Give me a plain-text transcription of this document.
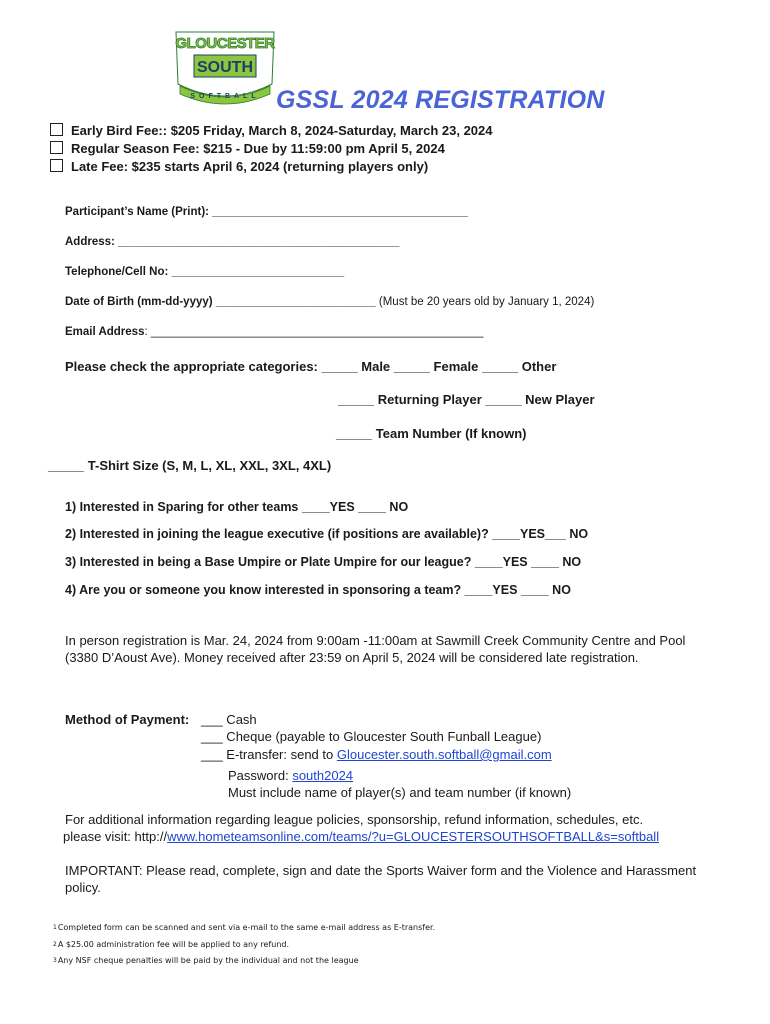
GLOUCESTER
SOUTH
SOFTBALL GSSL 2024 REGISTRATION
Early Bird Fee:: $205 Friday, March 8, 2024-Saturday, March 23, 2024
Regular Season Fee: $215 - Due by 11:59:00 pm April 5, 2024
Late Fee: $235 starts April 6, 2024 (returning players only)
Participant’s Name (Print): ________________________________________
Address: ____________________________________________
Telephone/Cell No: ___________________________
Date of Birth (mm-dd-yyyy) _________________________ (Must be 20 years old by January 1, 2024)
Email Address: ____________________________________________________
Please check the appropriate categories: _____ Male _____ Female _____ Other
_____ Returning Player _____ New Player
_____ Team Number (If known)
_____ T-Shirt Size (S, M, L, XL, XXL, 3XL, 4XL)
1) Interested in Sparing for other teams ____YES ____ NO
2) Interested in joining the league executive (if positions are available)? ____YES___ NO
3) Interested in being a Base Umpire or Plate Umpire for our league? ____YES ____ NO
4) Are you or someone you know interested in sponsoring a team? ____YES ____ NO
In person registration is Mar. 24, 2024 from 9:00am -11:00am at Sawmill Creek Community Centre and Pool (3380 D’Aoust Ave). Money received after 23:59 on April 5, 2024 will be considered late registration.
Method of Payment: ___ Cash
___ Cheque (payable to Gloucester South Funball League)
___ E-transfer: send to Gloucester.south.softball@gmail.com
Password: south2024
Must include name of player(s) and team number (if known)
For additional information regarding league policies, sponsorship, refund information, schedules, etc.
please visit: http://www.hometeamsonline.com/teams/?u=GLOUCESTERSOUTHSOFTBALL&s=softball
IMPORTANT: Please read, complete, sign and date the Sports Waiver form and the Violence and Harassment policy.
1Completed form can be scanned and sent via e-mail to the same e-mail address as E-transfer.
2A $25.00 administration fee will be applied to any refund.
3Any NSF cheque penalties will be paid by the individual and not the league
